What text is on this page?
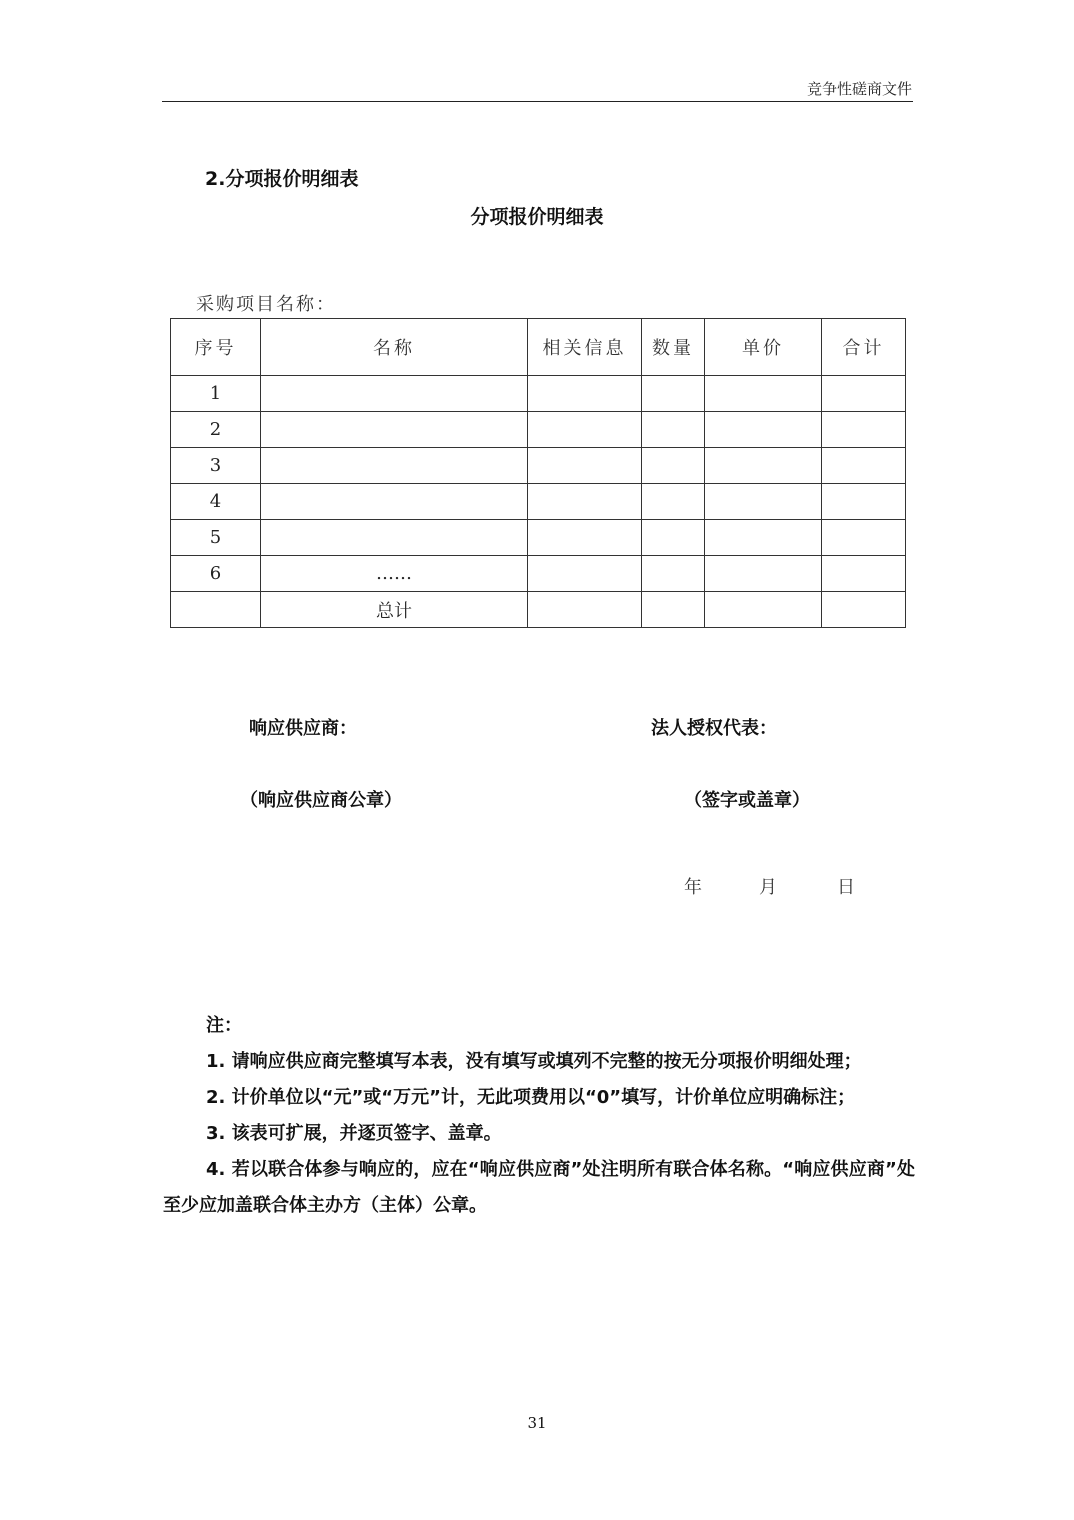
竞争性磋商文件
2.分项报价明细表
分项报价明细表
采购项目名称：
序号	名称	相关信息	数量	单价	合计
1					
2					
3					
4					
5					
6	……				
	总计				
响应供应商：	法人授权代表：
（响应供应商公章）	（签字或盖章）
年	月	日
注：

1. 请响应供应商完整填写本表，没有填写或填列不完整的按无分项报价明细处理；

2. 计价单位以“元”或“万元”计，无此项费用以“0”填写，计价单位应明确标注；

3. 该表可扩展，并逐页签字、盖章。

4. 若以联合体参与响应的，应在“响应供应商”处注明所有联合体名称。“响应供应商”处至少应加盖联合体主办方（主体）公章。

31
